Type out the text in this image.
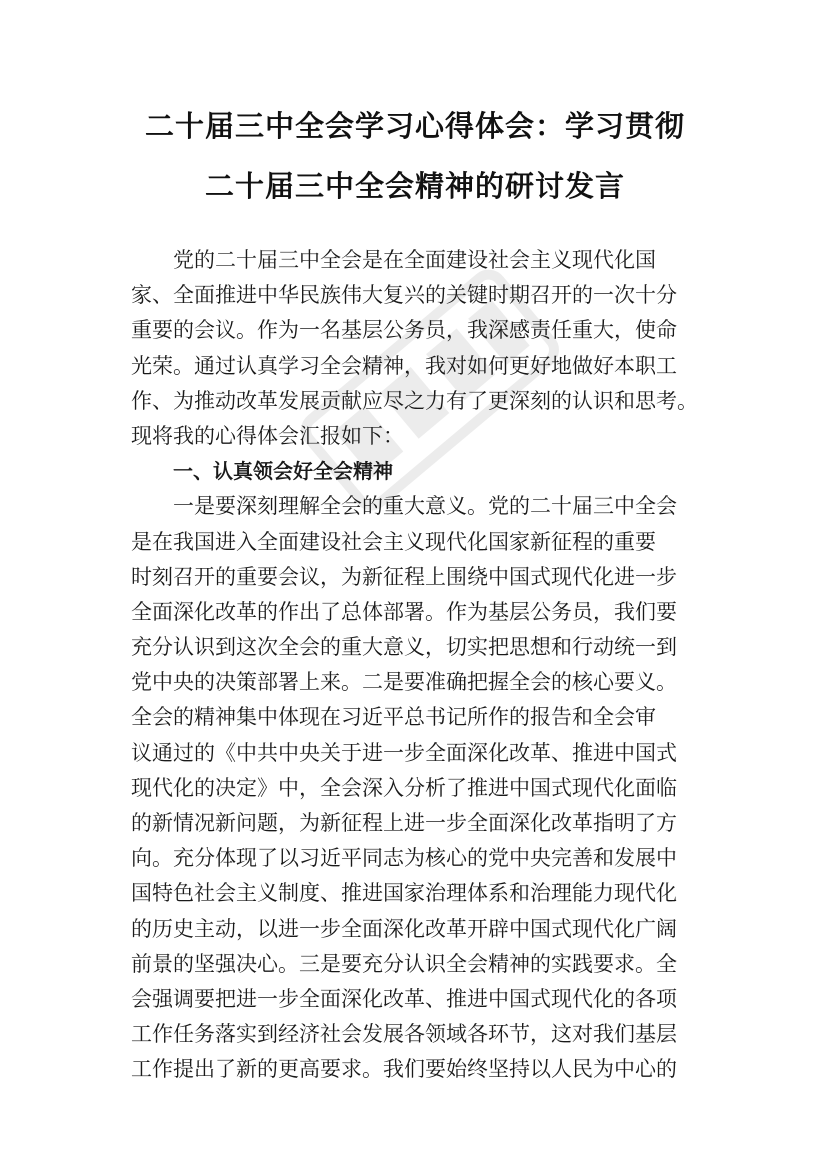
二十届三中全会学习心得体会：学习贯彻
二十届三中全会精神的研讨发言
党的二十届三中全会是在全面建设社会主义现代化国
家、全面推进中华民族伟大复兴的关键时期召开的一次十分
重要的会议。作为一名基层公务员，我深感责任重大，使命
光荣。通过认真学习全会精神，我对如何更好地做好本职工
作、为推动改革发展贡献应尽之力有了更深刻的认识和思考。
现将我的心得体会汇报如下：
一、认真领会好全会精神
一是要深刻理解全会的重大意义。党的二十届三中全会
是在我国进入全面建设社会主义现代化国家新征程的重要
时刻召开的重要会议，为新征程上围绕中国式现代化进一步
全面深化改革的作出了总体部署。作为基层公务员，我们要
充分认识到这次全会的重大意义，切实把思想和行动统一到
党中央的决策部署上来。二是要准确把握全会的核心要义。
全会的精神集中体现在习近平总书记所作的报告和全会审
议通过的《中共中央关于进一步全面深化改革、推进中国式
现代化的决定》中，全会深入分析了推进中国式现代化面临
的新情况新问题，为新征程上进一步全面深化改革指明了方
向。充分体现了以习近平同志为核心的党中央完善和发展中
国特色社会主义制度、推进国家治理体系和治理能力现代化
的历史主动，以进一步全面深化改革开辟中国式现代化广阔
前景的坚强决心。三是要充分认识全会精神的实践要求。全
会强调要把进一步全面深化改革、推进中国式现代化的各项
工作任务落实到经济社会发展各领域各环节，这对我们基层
工作提出了新的更高要求。我们要始终坚持以人民为中心的
